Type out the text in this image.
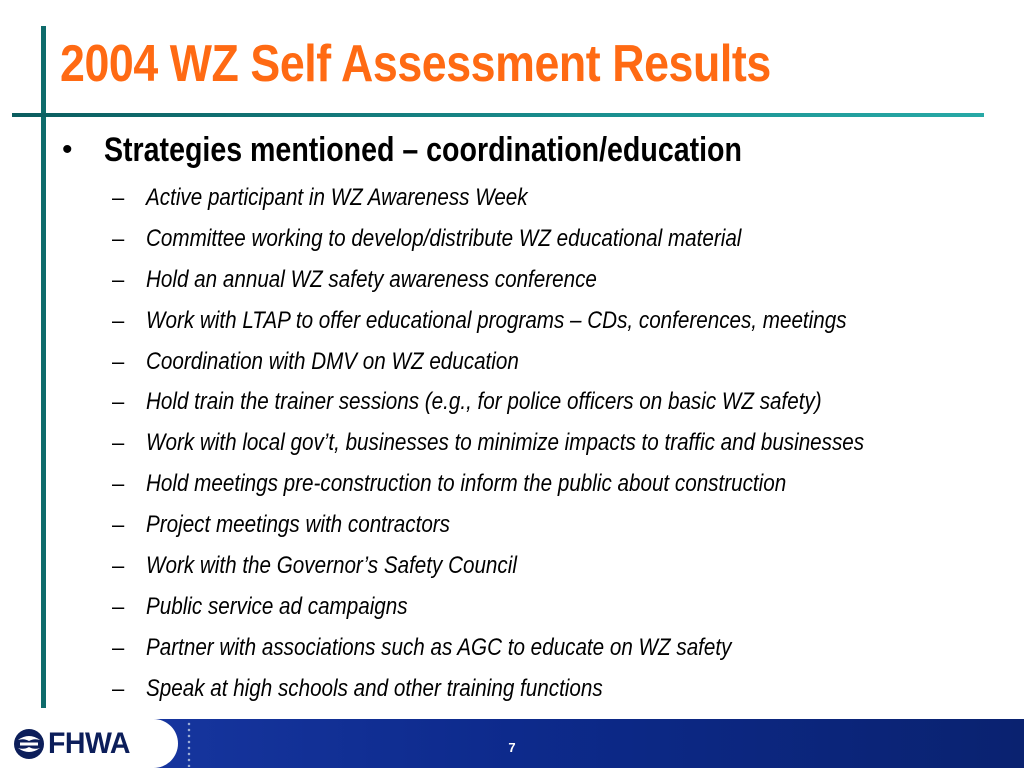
2004 WZ Self Assessment Results
• Strategies mentioned – coordination/education
– Active participant in WZ Awareness Week
– Committee working to develop/distribute WZ educational material
– Hold an annual WZ safety awareness conference
– Work with LTAP to offer educational programs – CDs, conferences, meetings
– Coordination with DMV on WZ education
– Hold train the trainer sessions (e.g., for police officers on basic WZ safety)
– Work with local gov’t, businesses to minimize impacts to traffic and businesses
– Hold meetings pre-construction to inform the public about construction
– Project meetings with contractors
– Work with the Governor’s Safety Council
– Public service ad campaigns
– Partner with associations such as AGC to educate on WZ safety
– Speak at high schools and other training functions
FHWA	7
